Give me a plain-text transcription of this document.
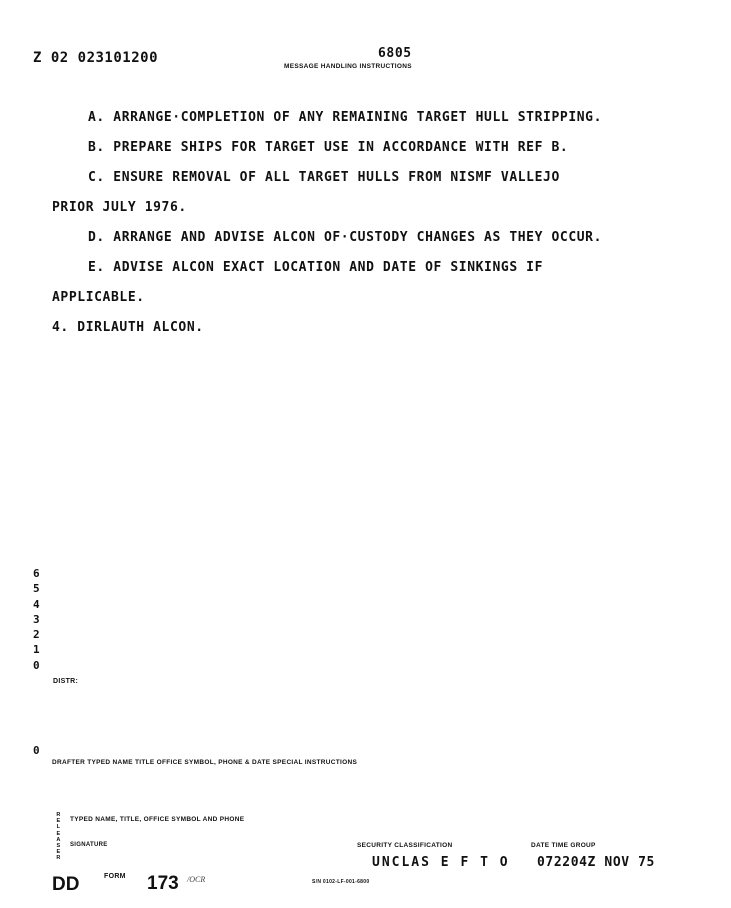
Z 02 023101200	6805
MESSAGE HANDLING INSTRUCTIONS
A. ARRANGE·COMPLETION OF ANY REMAINING TARGET HULL STRIPPING.
B. PREPARE SHIPS FOR TARGET USE IN ACCORDANCE WITH REF B.
C. ENSURE REMOVAL OF ALL TARGET HULLS FROM NISMF VALLEJO
PRIOR JULY 1976.
D. ARRANGE AND ADVISE ALCON OF·CUSTODY CHANGES AS THEY OCCUR.
E. ADVISE ALCON EXACT LOCATION AND DATE OF SINKINGS IF
APPLICABLE.
4. DIRLAUTH ALCON.
6
5
4
3
2
1
0
DISTR:
0
DRAFTER TYPED NAME TITLE OFFICE SYMBOL, PHONE & DATE SPECIAL INSTRUCTIONS
R
E
L
E
A
S
E
R
TYPED NAME, TITLE, OFFICE SYMBOL AND PHONE
SIGNATURE	SECURITY CLASSIFICATION	DATE TIME GROUP
UNCLAS E F T O 072204Z NOV 75
DD	FORM 173 /OCR	S/N 0102-LF-001-6800
